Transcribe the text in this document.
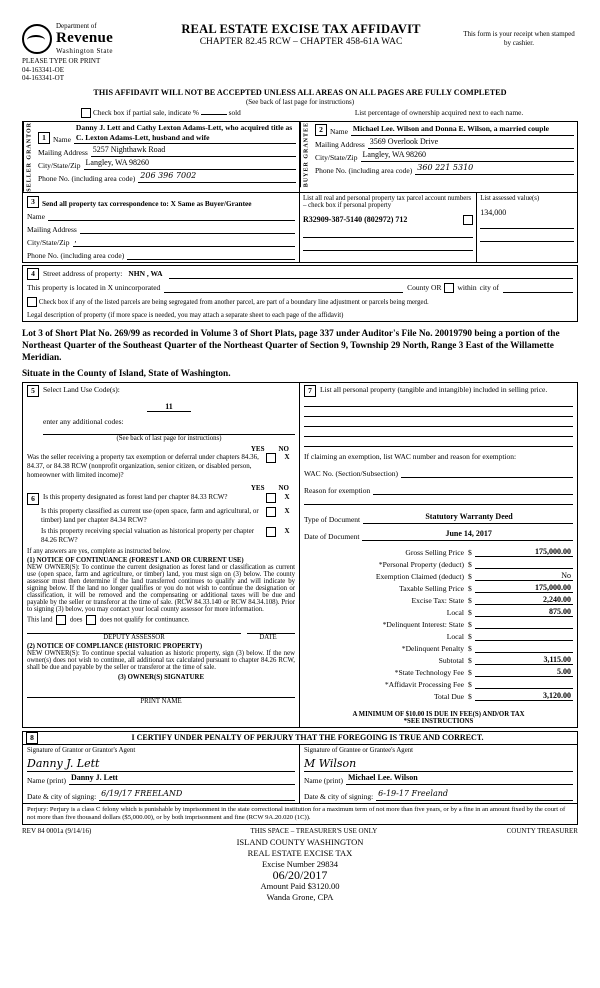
Department of
Revenue
Washington State
PLEASE TYPE OR PRINT
04-163341-OE
04-163341-OT
REAL ESTATE EXCISE TAX AFFIDAVIT
CHAPTER 82.45 RCW – CHAPTER 458-61A WAC
This form is your receipt when stamped by cashier.
THIS AFFIDAVIT WILL NOT BE ACCEPTED UNLESS ALL AREAS ON ALL PAGES ARE FULLY COMPLETED
(See back of last page for instructions)
Check box if partial sale, indicate %	sold	List percentage of ownership acquired next to each name.
SELLER GRANTOR	1 Name
Danny J. Lett and Cathy Lexton Adams-Lett, who acquired title as C. Lexton Adams-Lett, husband and wife
Mailing Address 5257 Nighthawk Road
City/State/Zip Langley, WA 98260
Phone No. (including area code) 206 396 7002	BUYER GRANTEE	2 Name Michael Lee. Wilson and Donna E. Wilson, a married couple
Mailing Address 3569 Overlook Drive
City/State/Zip Langley, WA 98260
Phone No. (including area code) 360 221 5310
3 Send all property tax correspondence to: X Same as Buyer/Grantee
Name
Mailing Address
City/State/Zip ,
Phone No. (including area code)
List all real and personal property tax parcel account numbers – check box if personal property
R32909-387-5140 (802972) 712
List assessed value(s)
134,000
4	Street address of property: NHN , WA
This property is located in X unincorporated	County OR within city of
Check box if any of the listed parcels are being segregated from another parcel, are part of a boundary line adjustment or parcels being merged.
Legal description of property (if more space is needed, you may attach a separate sheet to each page of the affidavit)
Lot 3 of Short Plat No. 269/99 as recorded in Volume 3 of Short Plats, page 337 under Auditor's File No. 20019790 being a portion of the Northeast Quarter of the Southeast Quarter of the Northeast Quarter of Section 9, Township 29 North, Range 3 East of the Willamette Meridian.
Situate in the County of Island, State of Washington.
5	Select Land Use Code(s):
11
enter any additional codes:
(See back of last page for instructions)
YES NO
Was the seller receiving a property tax exemption or deferral under chapters 84.36, 84.37, or 84.38 RCW (nonprofit organization, senior citizen, or disabled person, homeowner with limited income)?
X
YES NO
6	Is this property designated as forest land per chapter 84.33 RCW?	X
Is this property classified as current use (open space, farm and agricultural, or timber) land per chapter 84.34 RCW?
X
Is this property receiving special valuation as historical property per chapter 84.26 RCW?
X
If any answers are yes, complete as instructed below.
(1) NOTICE OF CONTINUANCE (FOREST LAND OR CURRENT USE)
NEW OWNER(S): To continue the current designation as forest land or classification as current use (open space, farm and agriculture, or timber) land, you must sign on (3) below. The county assessor must then determine if the land transferred continues to qualify and will indicate by signing below. If the land no longer qualifies or you do not wish to continue the designation or classification, it will be removed and the compensating or additional taxes will be due and payable by the seller or transferor at the time of sale. (RCW 84.33.140 or RCW 84.34.108). Prior to signing (3) below, you may contact your local county assessor for more information.
This land	does	does not qualify for continuance.
DEPUTY ASSESSOR	DATE
(2) NOTICE OF COMPLIANCE (HISTORIC PROPERTY)
NEW OWNER(S): To continue special valuation as historic property, sign (3) below. If the new owner(s) does not wish to continue, all additional tax calculated pursuant to chapter 84.26 RCW, shall be due and payable by the seller or transferor at the time of sale.
(3) OWNER(S) SIGNATURE
PRINT NAME
7	List all personal property (tangible and intangible) included in selling price.
If claiming an exemption, list WAC number and reason for exemption:
WAC No. (Section/Subsection)
Reason for exemption
Type of Document	Statutory Warranty Deed
Date of Document	June 14, 2017
Gross Selling Price $	175,000.00
*Personal Property (deduct) $
Exemption Claimed (deduct) $	No
Taxable Selling Price $	175,000.00
Excise Tax: State $	2,240.00
Local $	875.00
*Delinquent Interest: State $
Local $
*Delinquent Penalty $
Subtotal $	3,115.00
*State Technology Fee $	5.00
*Affidavit Processing Fee $
Total Due $	3,120.00
A MINIMUM OF $10.00 IS DUE IN FEE(S) AND/OR TAX
*SEE INSTRUCTIONS
8	I CERTIFY UNDER PENALTY OF PERJURY THAT THE FOREGOING IS TRUE AND CORRECT.
Signature of Grantor or Grantor's Agent
Danny J. Lett
Name (print) Danny J. Lett
Date & city of signing: 6/19/17 FREELAND
Signature of Grantee or Grantee's Agent
M Wilson
Name (print) Michael Lee. Wilson
Date & city of signing: 6-19-17 Freeland
Perjury: Perjury is a class C felony which is punishable by imprisonment in the state correctional institution for a maximum term of not more than five years, or by a fine in an amount fixed by the court of not more than five thousand dollars ($5,000.00), or by both imprisonment and fine (RCW 9A.20.020 (1C)).
REV 84 0001a (9/14/16)	THIS SPACE – TREASURER'S USE ONLY	COUNTY TREASURER
ISLAND COUNTY WASHINGTON
REAL ESTATE EXCISE TAX
Excise Number 29834
06/20/2017
Amount Paid $3120.00
Wanda Grone, CPA
